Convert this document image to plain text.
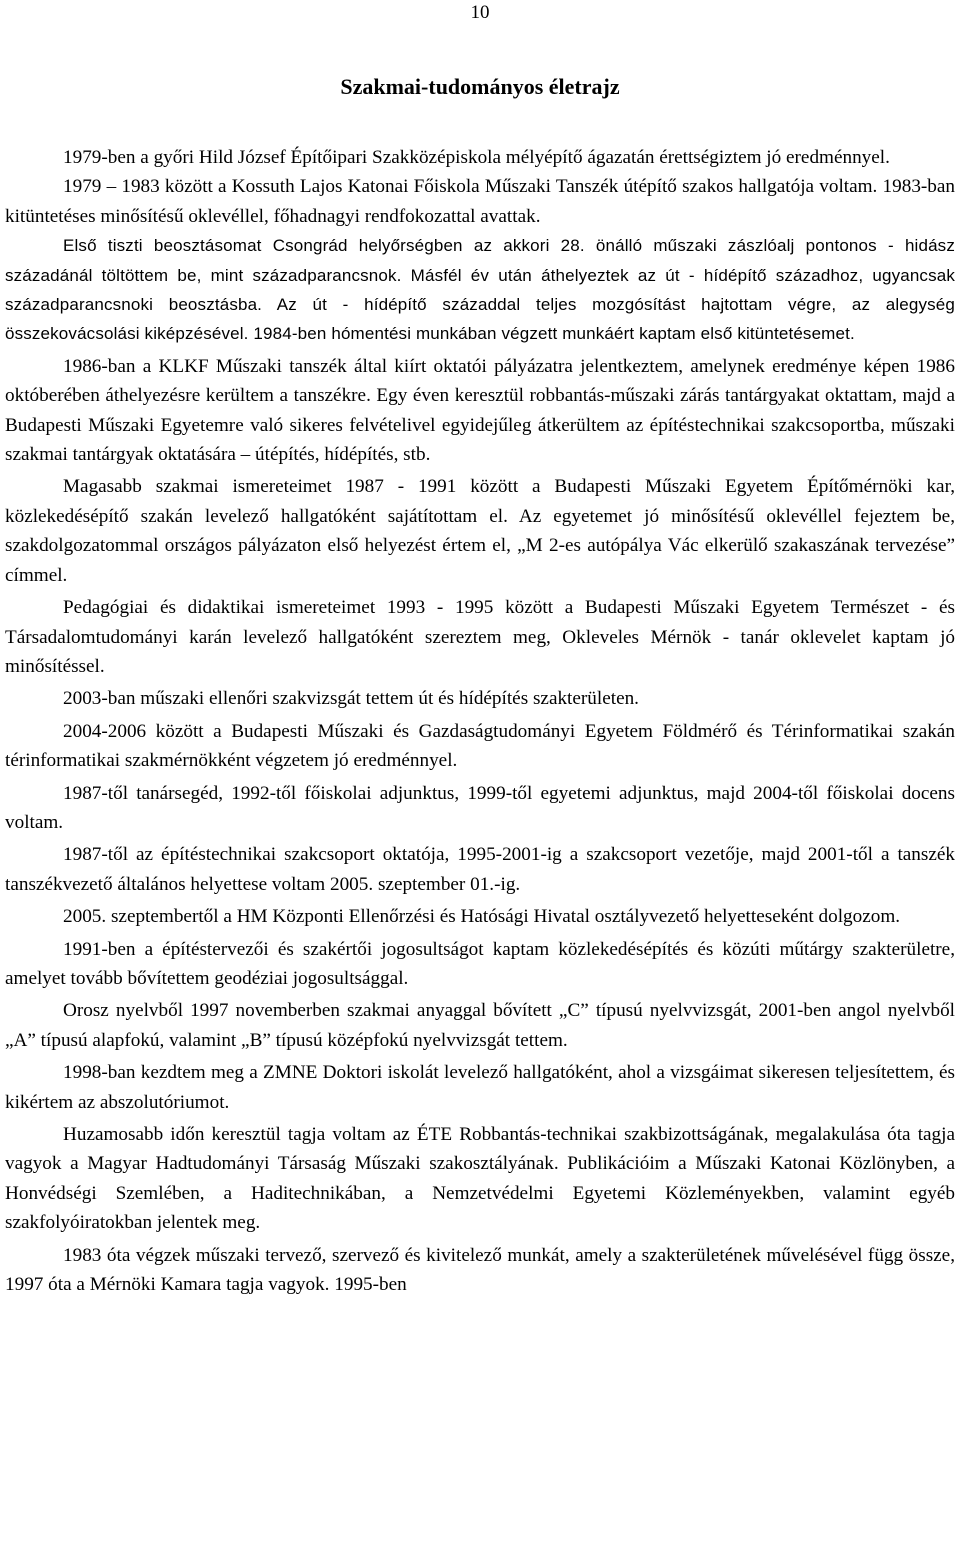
10
Szakmai-tudományos életrajz

1979-ben a győri Hild József Építőipari Szakközépiskola mélyépítő ágazatán érettségiztem jó eredménnyel.

1979 – 1983 között a Kossuth Lajos Katonai Főiskola Műszaki Tanszék útépítő szakos hallgatója voltam. 1983-ban kitüntetéses minősítésű oklevéllel, főhadnagyi rendfokozattal avattak.

Első tiszti beosztásomat Csongrád helyőrségben az akkori 28. önálló műszaki zászlóalj pontonos - hidász századánál töltöttem be, mint századparancsnok. Másfél év után áthelyeztek az út - hídépítő századhoz, ugyancsak századparancsnoki beosztásba. Az út - hídépítő századdal teljes mozgósítást hajtottam végre, az alegység összekovácsolási kiképzésével. 1984-ben hómentési munkában végzett munkáért kaptam első kitüntetésemet.

1986-ban a KLKF Műszaki tanszék által kiírt oktatói pályázatra jelentkeztem, amelynek eredménye képen 1986 októberében áthelyezésre kerültem a tanszékre. Egy éven keresztül robbantás-műszaki zárás tantárgyakat oktattam, majd a Budapesti Műszaki Egyetemre való sikeres felvételivel egyidejűleg átkerültem az építéstechnikai szakcsoportba, műszaki szakmai tantárgyak oktatására – útépítés, hídépítés, stb.

Magasabb szakmai ismereteimet 1987 - 1991 között a Budapesti Műszaki Egyetem Építőmérnöki kar, közlekedésépítő szakán levelező hallgatóként sajátítottam el. Az egyetemet jó minősítésű oklevéllel fejeztem be, szakdolgozatommal országos pályázaton első helyezést értem el, „M 2-es autópálya Vác elkerülő szakaszának tervezése” címmel.

Pedagógiai és didaktikai ismereteimet 1993 - 1995 között a Budapesti Műszaki Egyetem Természet - és Társadalomtudományi karán levelező hallgatóként szereztem meg, Okleveles Mérnök - tanár oklevelet kaptam jó minősítéssel.

2003-ban műszaki ellenőri szakvizsgát tettem út és hídépítés szakterületen.

2004-2006 között a Budapesti Műszaki és Gazdaságtudományi Egyetem Földmérő és Térinformatikai szakán térinformatikai szakmérnökként végzetem jó eredménnyel.

1987-től tanársegéd, 1992-től főiskolai adjunktus, 1999-től egyetemi adjunktus, majd 2004-től főiskolai docens voltam.

1987-től az építéstechnikai szakcsoport oktatója, 1995-2001-ig a szakcsoport vezetője, majd 2001-től a tanszék tanszékvezető általános helyettese voltam 2005. szeptember 01.-ig.

2005. szeptembertől a HM Központi Ellenőrzési és Hatósági Hivatal osztályvezető helyetteseként dolgozom.

1991-ben a építéstervezői és szakértői jogosultságot kaptam közlekedésépítés és közúti műtárgy szakterületre, amelyet tovább bővítettem geodéziai jogosultsággal.

Orosz nyelvből 1997 novemberben szakmai anyaggal bővített „C” típusú nyelvvizsgát, 2001-ben angol nyelvből „A” típusú alapfokú, valamint „B” típusú középfokú nyelvvizsgát tettem.

1998-ban kezdtem meg a ZMNE Doktori iskolát levelező hallgatóként, ahol a vizsgáimat sikeresen teljesítettem, és kikértem az abszolutóriumot.

Huzamosabb időn keresztül tagja voltam az ÉTE Robbantás-technikai szakbizottságának, megalakulása óta tagja vagyok a Magyar Hadtudományi Társaság Műszaki szakosztályának. Publikációim a Műszaki Katonai Közlönyben, a Honvédségi Szemlében, a Haditechnikában, a Nemzetvédelmi Egyetemi Közleményekben, valamint egyéb szakfolyóiratokban jelentek meg.

1983 óta végzek műszaki tervező, szervező és kivitelező munkát, amely a szakterületének művelésével függ össze, 1997 óta a Mérnöki Kamara tagja vagyok. 1995-ben
